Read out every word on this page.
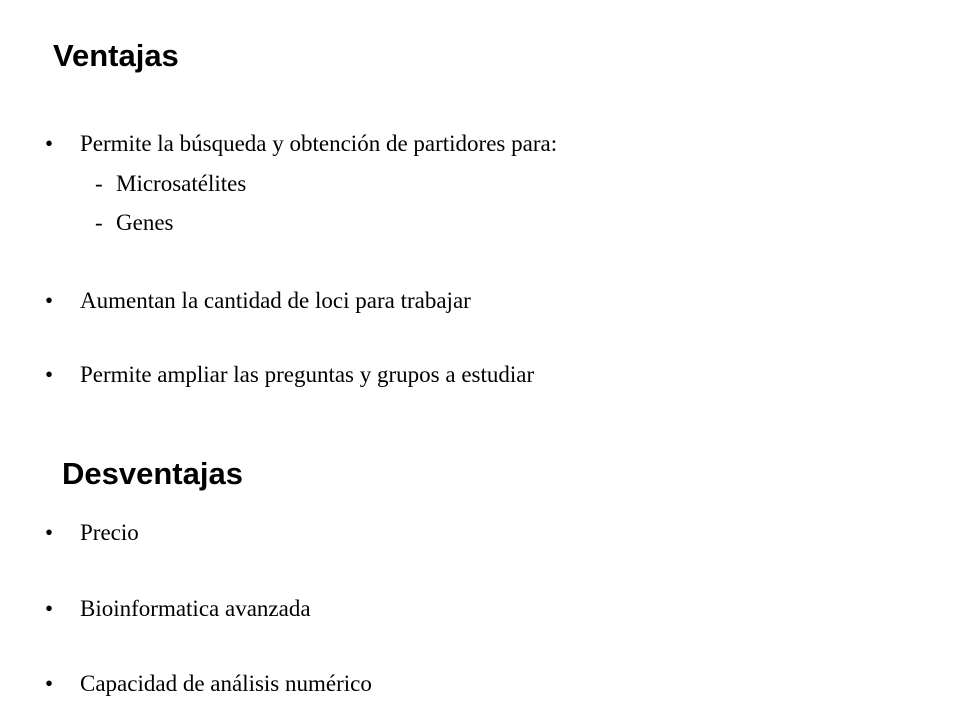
Ventajas
• Permite la búsqueda y obtención de partidores para:
- Microsatélites
- Genes
• Aumentan la cantidad de loci para trabajar
• Permite ampliar las preguntas y grupos a estudiar
Desventajas
• Precio
• Bioinformatica avanzada
• Capacidad de análisis numérico
